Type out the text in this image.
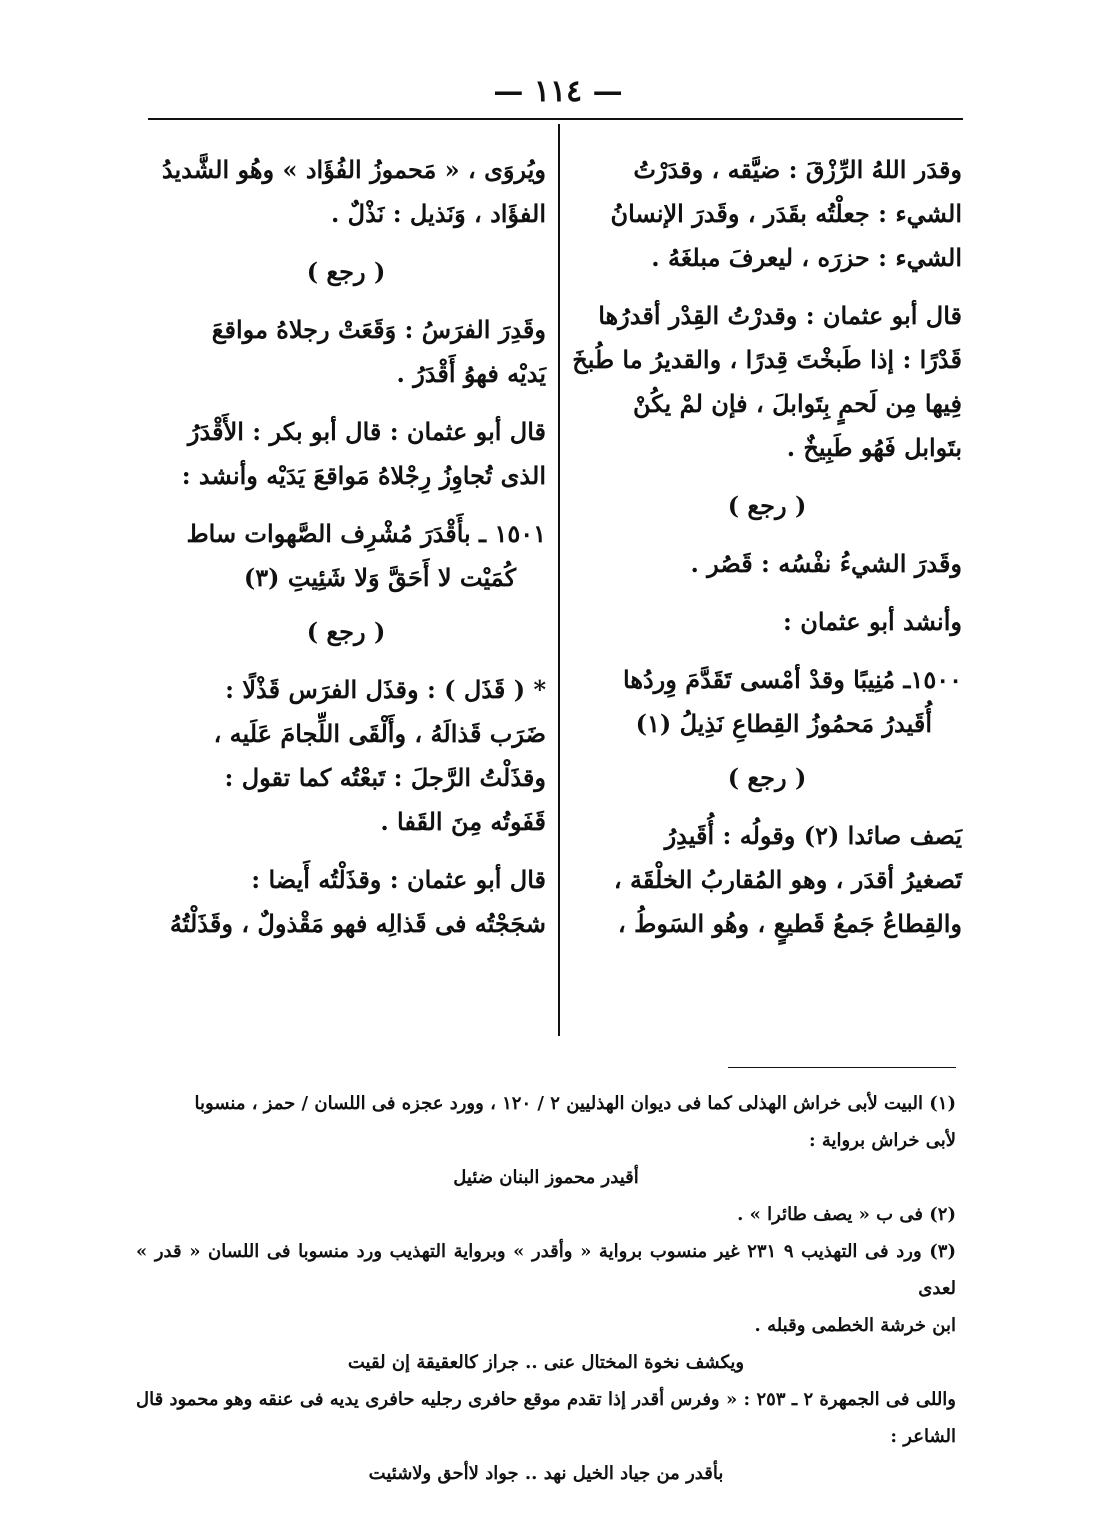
— ١١٤ —
وقدَر اللهُ الرِّزْقَ : ضيَّقه ، وقدَرْتُ
الشيء : جعلْتُه بقَدَر ، وقَدرَ الإنسانُ
الشيء : حزرَه ، ليعرفَ مبلغَهُ .
قال أبو عثمان : وقدرْتُ القِدْر أقدرُها
قَدْرًا : إذا طَبخْتَ قِدرًا ، والقديرُ ما طُبخَ
فِيها مِن لَحمٍ بِتَوابلَ ، فإن لمْ يكُنْ
بتَوابل فَهُو طَبِيخٌ .
( رجع )
وقَدرَ الشيءُ نفْسُه : قَصُر .
وأنشد أبو عثمان :
١٥٠٠ـ مُنِيبًا وقدْ أمْسى تَقَدَّمَ وِردُها
أُقَيدرُ مَحمُوزُ القِطاعِ نَذِيلُ (١)
( رجع )
يَصف صائدا (٢) وقولُه : أُقَيدِرُ
تَصغيرُ أقدَر ، وهو المُقاربُ الخلْقَة ،
والقِطاعُ جَمعُ قَطيعٍ ، وهُو السَوطُ ،
ويُروَى ، « مَحموزُ الفُؤَاد » وهُو الشَّديدُ
الفؤَاد ، وَنَذيل : نَذْلٌ .
( رجع )
وقَدِرَ الفرَسُ : وَقَعَتْ رجلاهُ مواقعَ
يَديْه فهوُ أَقْدَرُ .
قال أبو عثمان : قال أبو بكر : الأَقْدَرُ
الذى تُجاوِزُ رِجْلاهُ مَواقعَ يَدَيْه وأنشد :
١٥٠١ ـ بأَقْدَرَ مُشْرِف الصَّهوات ساط
كُمَيْت لا أَحَقَّ وَلا شَئِيتِ (٣)
( رجع )
* ( قَذَل ) : وقذَل الفرَس قَذْلًا :
ضَرَب قَذالَهُ ، وأَلْقَى اللِّجامَ عَلَيه ،
وقذَلْتُ الرَّجلَ : تَبعْتُه كما تقول :
قَفَوتُه مِنَ القَفا .
قال أبو عثمان : وقذَلْتُه أَيضا :
شجَجْتُه فى قَذالِه فهو مَقْذولٌ ، وقَذَلْتُهُ
(١) البيت لأبى خراش الهذلى كما فى ديوان الهذليين ٢ / ١٢٠ ، وورد عجزه فى اللسان / حمز ، منسوبا
لأبى خراش برواية :
أقيدر محموز البنان ضئيل
(٢) فى ب « يصف طائرا » .
(٣) ورد فى التهذيب ٩ ٢٣١ غير منسوب برواية « وأقدر » وبرواية التهذيب ورد منسوبا فى اللسان « قدر » لعدى
ابن خرشة الخطمى وقبله .
ويكشف نخوة المختال عنى .. جراز كالعقيقة إن لقيت
واللى فى الجمهرة ٢ ـ ٢٥٣ : « وفرس أقدر إذا تقدم موقع حافرى رجليه حافرى يديه فى عنقه وهو محمود قال الشاعر :
بأقدر من جياد الخيل نهد .. جواد لاأحق ولاشئيت
